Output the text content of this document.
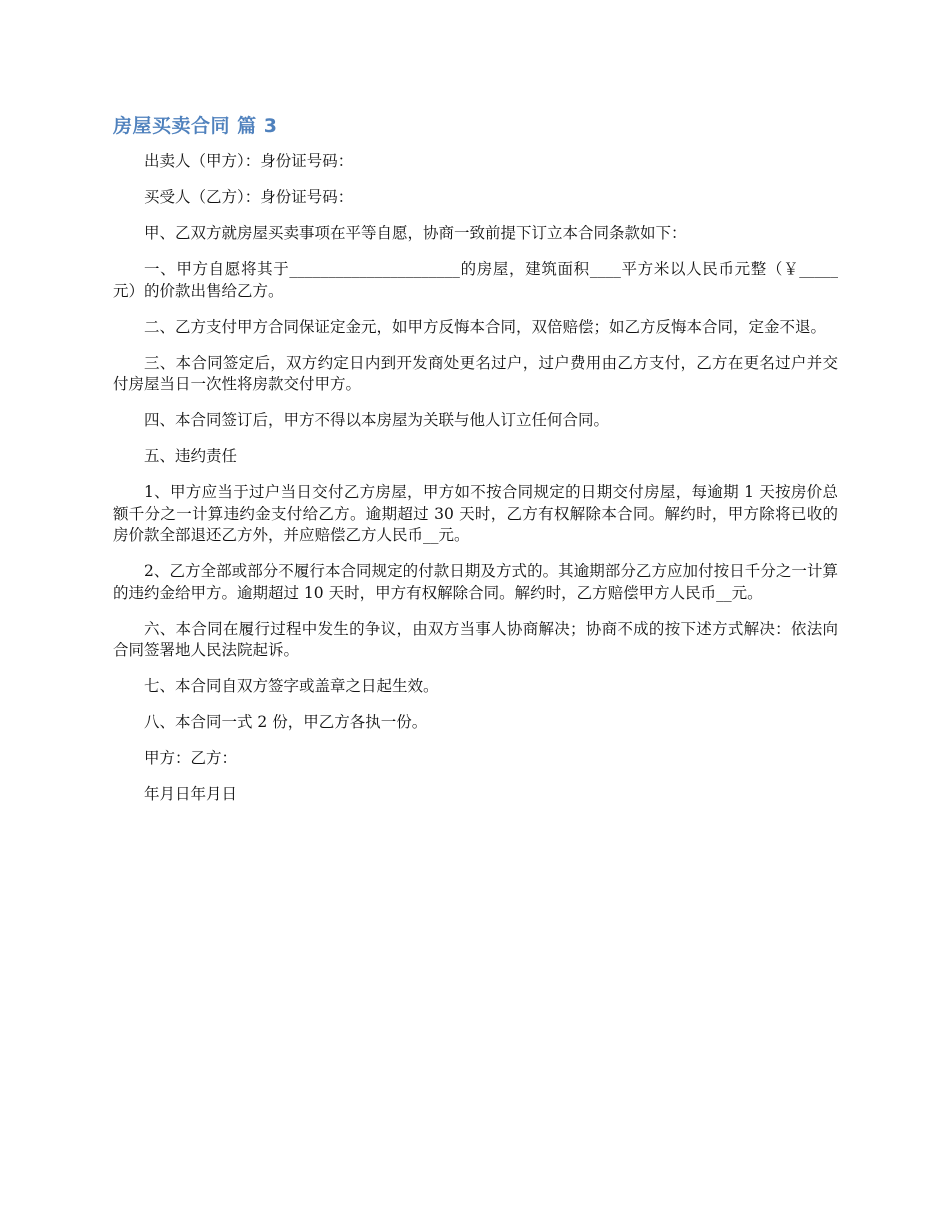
房屋买卖合同 篇 3

出卖人（甲方）：身份证号码：

买受人（乙方）：身份证号码：

甲、乙双方就房屋买卖事项在平等自愿，协商一致前提下订立本合同条款如下：

一、甲方自愿将其于______________________的房屋，建筑面积____平方米以人民币元整（￥_____元）的价款出售给乙方。

二、乙方支付甲方合同保证定金元，如甲方反悔本合同，双倍赔偿；如乙方反悔本合同，定金不退。

三、本合同签定后，双方约定日内到开发商处更名过户，过户费用由乙方支付，乙方在更名过户并交付房屋当日一次性将房款交付甲方。

四、本合同签订后，甲方不得以本房屋为关联与他人订立任何合同。

五、违约责任

1、甲方应当于过户当日交付乙方房屋，甲方如不按合同规定的日期交付房屋，每逾期 1 天按房价总额千分之一计算违约金支付给乙方。逾期超过 30 天时，乙方有权解除本合同。解约时，甲方除将已收的房价款全部退还乙方外，并应赔偿乙方人民币__元。

2、乙方全部或部分不履行本合同规定的付款日期及方式的。其逾期部分乙方应加付按日千分之一计算的违约金给甲方。逾期超过 10 天时，甲方有权解除合同。解约时，乙方赔偿甲方人民币__元。

六、本合同在履行过程中发生的争议，由双方当事人协商解决；协商不成的按下述方式解决：依法向合同签署地人民法院起诉。

七、本合同自双方签字或盖章之日起生效。

八、本合同一式 2 份，甲乙方各执一份。

甲方：乙方：

年月日年月日
